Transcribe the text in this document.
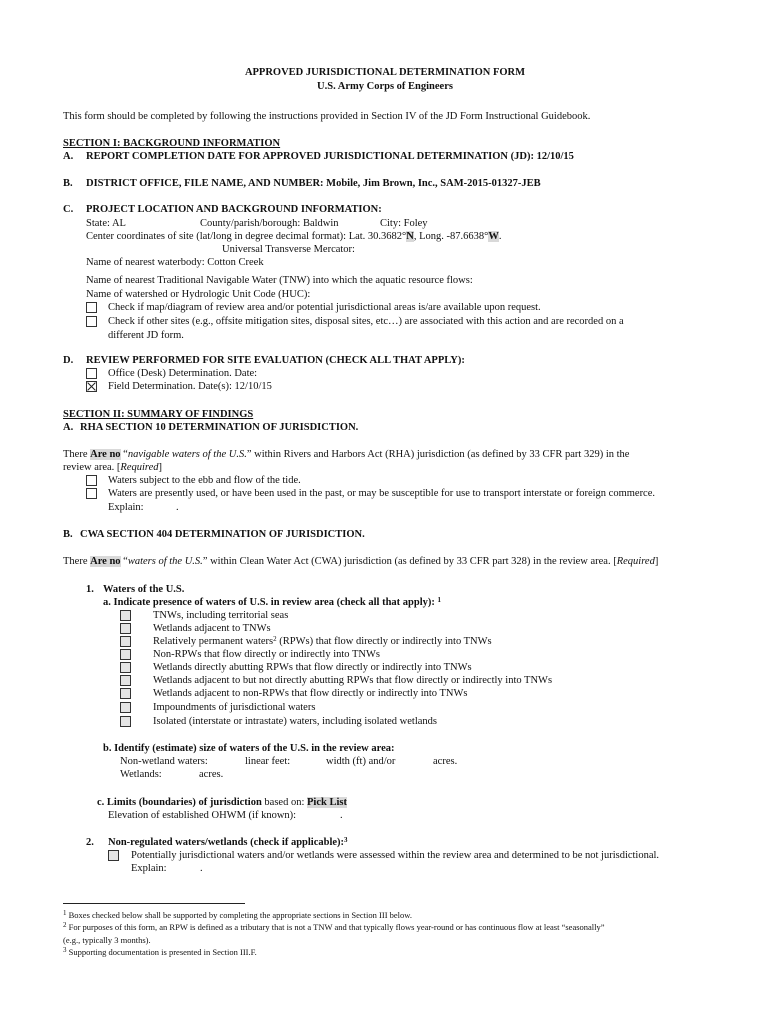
APPROVED JURISDICTIONAL DETERMINATION FORM
U.S. Army Corps of Engineers
This form should be completed by following the instructions provided in Section IV of the JD Form Instructional Guidebook.
SECTION I: BACKGROUND INFORMATION
A. REPORT COMPLETION DATE FOR APPROVED JURISDICTIONAL DETERMINATION (JD): 12/10/15
B. DISTRICT OFFICE, FILE NAME, AND NUMBER: Mobile, Jim Brown, Inc., SAM-2015-01327-JEB
C. PROJECT LOCATION AND BACKGROUND INFORMATION:
State: AL	County/parish/borough: Baldwin	City: Foley
Center coordinates of site (lat/long in degree decimal format): Lat. 30.3682°N, Long. -87.6638°W.
Universal Transverse Mercator:
Name of nearest waterbody: Cotton Creek
Name of nearest Traditional Navigable Water (TNW) into which the aquatic resource flows:
Name of watershed or Hydrologic Unit Code (HUC):
Check if map/diagram of review area and/or potential jurisdictional areas is/are available upon request.
Check if other sites (e.g., offsite mitigation sites, disposal sites, etc…) are associated with this action and are recorded on a
different JD form.
D. REVIEW PERFORMED FOR SITE EVALUATION (CHECK ALL THAT APPLY):
Office (Desk) Determination. Date:
Field Determination. Date(s): 12/10/15
SECTION II: SUMMARY OF FINDINGS
A. RHA SECTION 10 DETERMINATION OF JURISDICTION.
There Are no “navigable waters of the U.S.” within Rivers and Harbors Act (RHA) jurisdiction (as defined by 33 CFR part 329) in the
review area. [Required]
Waters subject to the ebb and flow of the tide.
Waters are presently used, or have been used in the past, or may be susceptible for use to transport interstate or foreign commerce.
Explain:	.
B. CWA SECTION 404 DETERMINATION OF JURISDICTION.
There Are no “waters of the U.S.” within Clean Water Act (CWA) jurisdiction (as defined by 33 CFR part 328) in the review area. [Required]
1. Waters of the U.S.
a. Indicate presence of waters of U.S. in review area (check all that apply): $^1$
TNWs, including territorial seas
Wetlands adjacent to TNWs
Relatively permanent waters$^2$ (RPWs) that flow directly or indirectly into TNWs
Non-RPWs that flow directly or indirectly into TNWs
Wetlands directly abutting RPWs that flow directly or indirectly into TNWs
Wetlands adjacent to but not directly abutting RPWs that flow directly or indirectly into TNWs
Wetlands adjacent to non-RPWs that flow directly or indirectly into TNWs
Impoundments of jurisdictional waters
Isolated (interstate or intrastate) waters, including isolated wetlands
b. Identify (estimate) size of waters of the U.S. in the review area:
Non-wetland waters:	linear feet:	width (ft) and/or	acres.
Wetlands:	acres.
c. Limits (boundaries) of jurisdiction based on: Pick List
Elevation of established OHWM (if known):	.
2. Non-regulated waters/wetlands (check if applicable):$^3$
Potentially jurisdictional waters and/or wetlands were assessed within the review area and determined to be not jurisdictional.
Explain:	.
$^1$ Boxes checked below shall be supported by completing the appropriate sections in Section III below.
$^2$ For purposes of this form, an RPW is defined as a tributary that is not a TNW and that typically flows year-round or has continuous flow at least “seasonally”
(e.g., typically 3 months).
$^3$ Supporting documentation is presented in Section III.F.
